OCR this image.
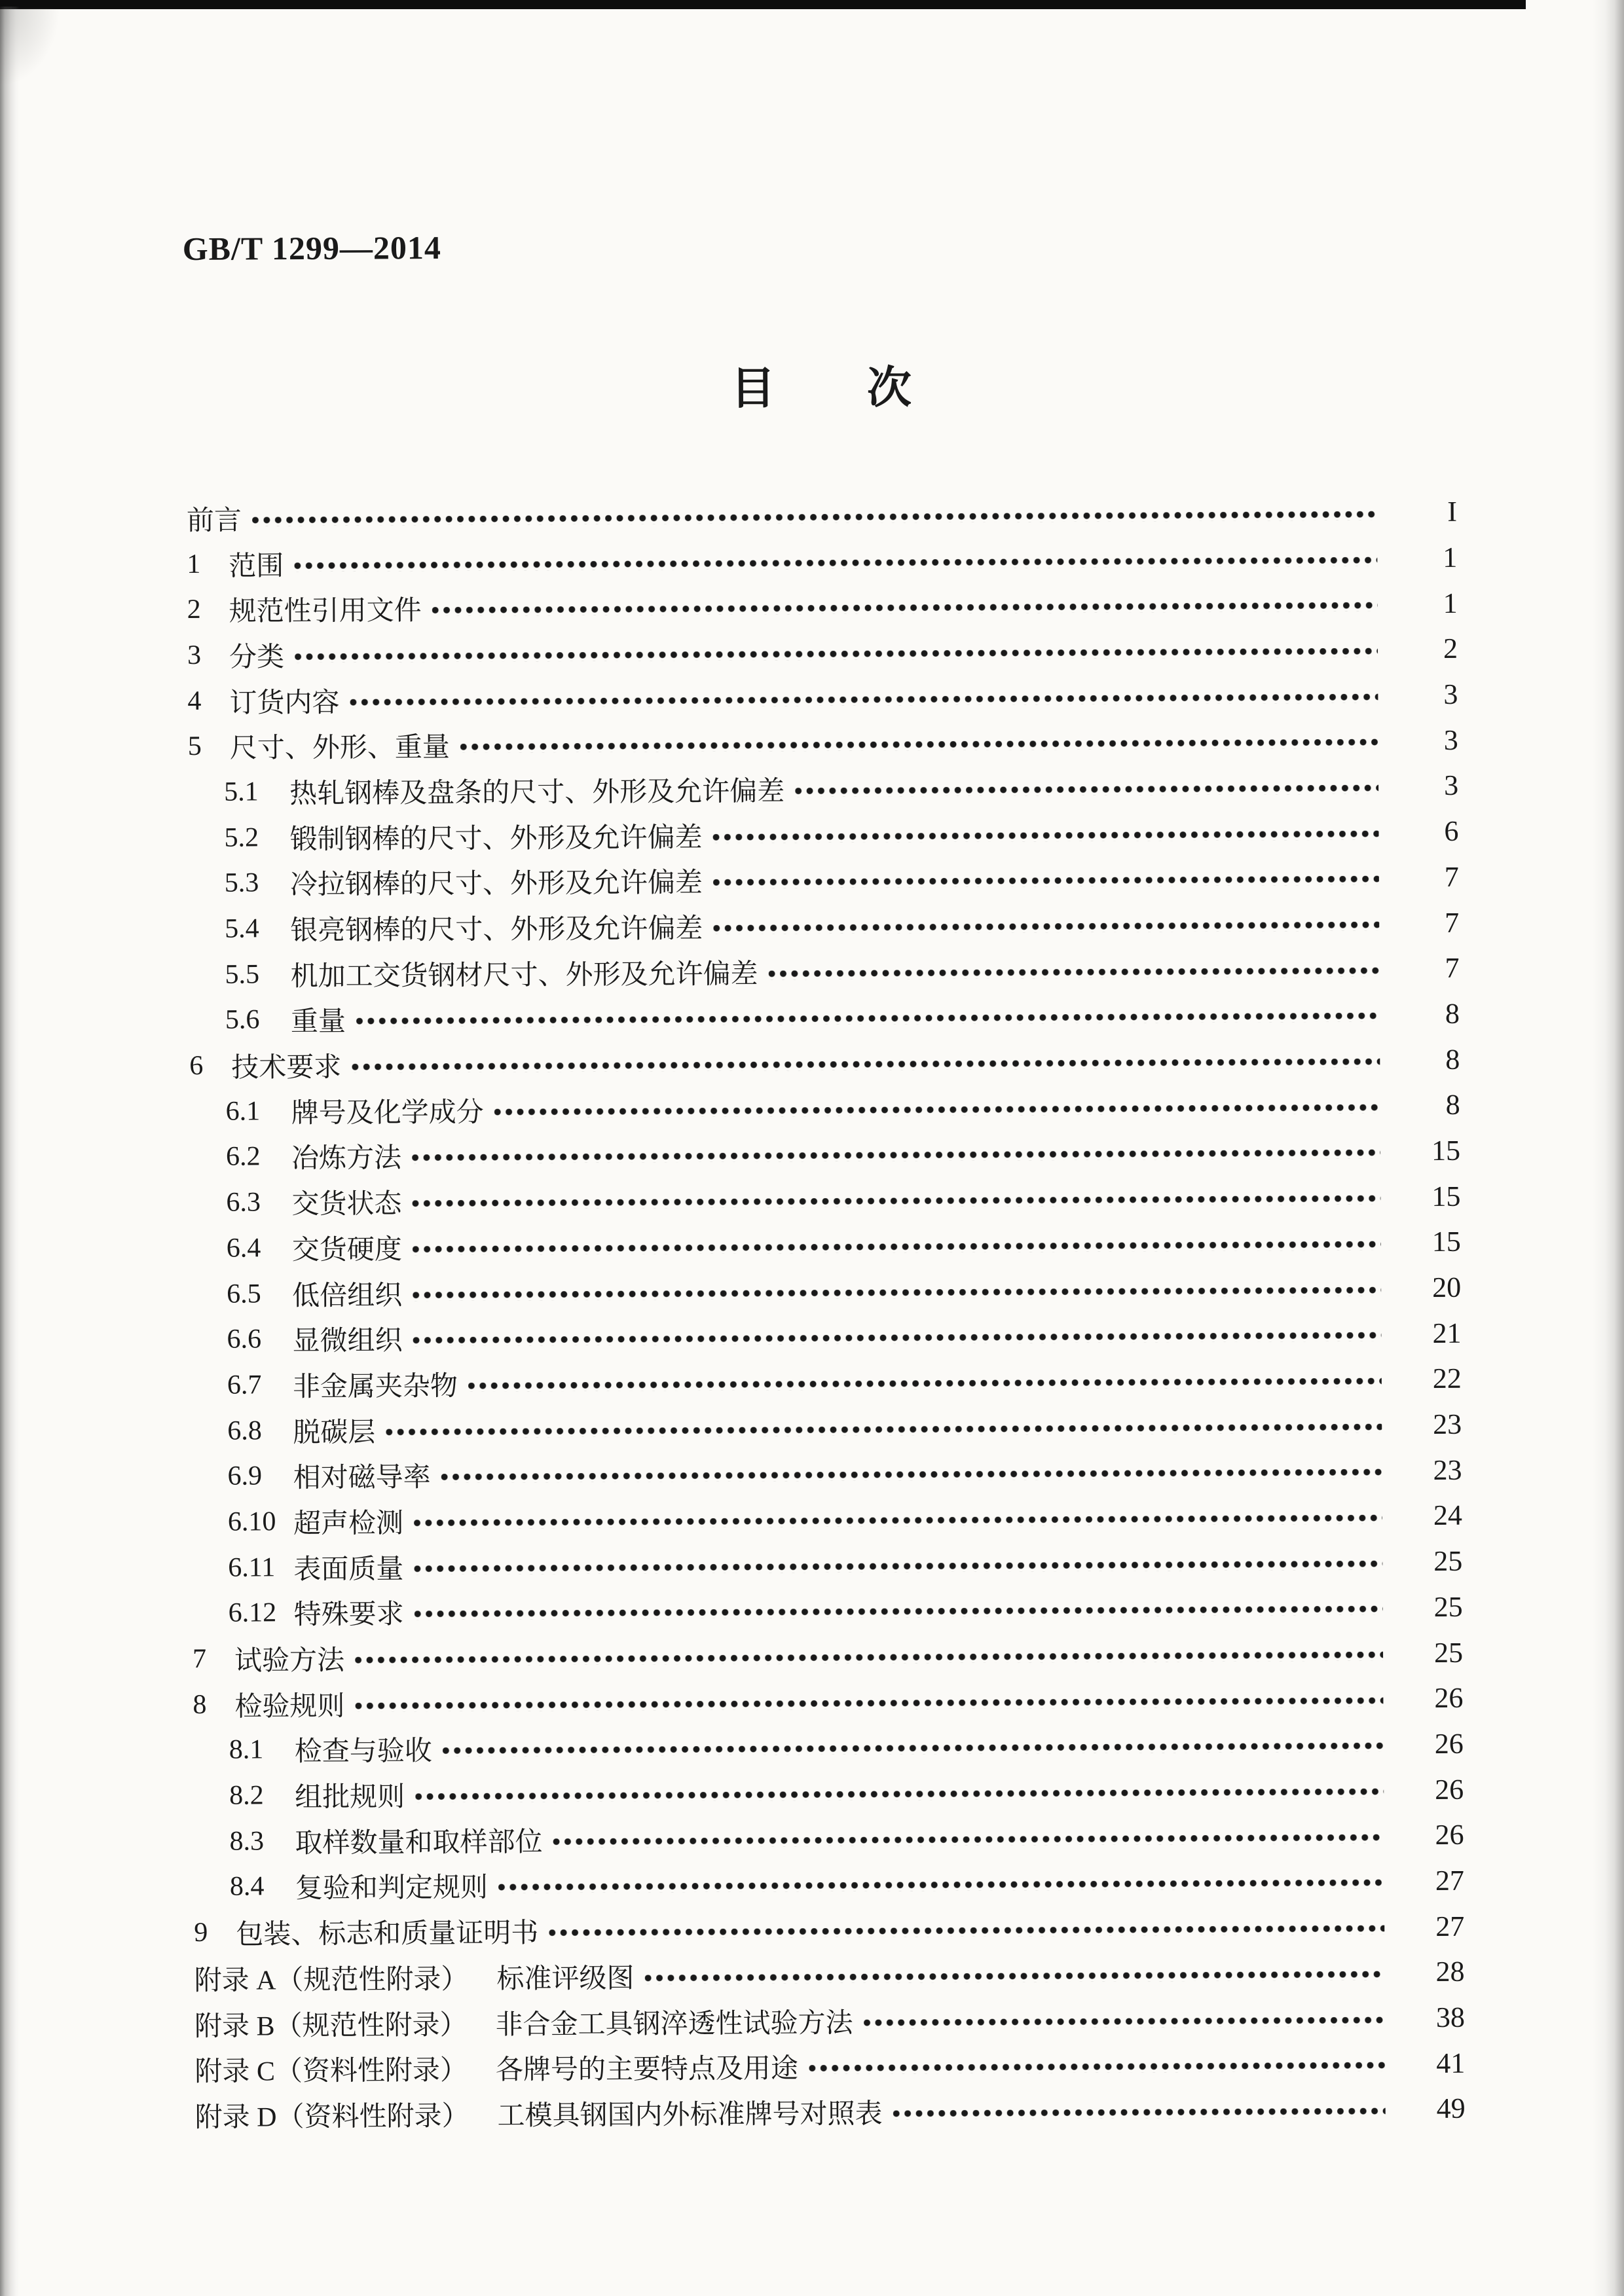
GB/T 1299—2014
目 次
前言	I
1	范围	1
2	规范性引用文件	1
3	分类	2
4	订货内容	3
5	尺寸、外形、重量	3
5.1	热轧钢棒及盘条的尺寸、外形及允许偏差	3
5.2	锻制钢棒的尺寸、外形及允许偏差	6
5.3	冷拉钢棒的尺寸、外形及允许偏差	7
5.4	银亮钢棒的尺寸、外形及允许偏差	7
5.5	机加工交货钢材尺寸、外形及允许偏差	7
5.6	重量	8
6	技术要求	8
6.1	牌号及化学成分	8
6.2	冶炼方法	15
6.3	交货状态	15
6.4	交货硬度	15
6.5	低倍组织	20
6.6	显微组织	21
6.7	非金属夹杂物	22
6.8	脱碳层	23
6.9	相对磁导率	23
6.10 超声检测	24
6.11 表面质量	25
6.12 特殊要求	25
7	试验方法	25
8	检验规则	26
8.1	检查与验收	26
8.2	组批规则	26
8.3	取样数量和取样部位	26
8.4	复验和判定规则	27
9	包装、标志和质量证明书	27
附录 A（规范性附录） 标准评级图	28
附录 B（规范性附录） 非合金工具钢淬透性试验方法	38
附录 C（资料性附录） 各牌号的主要特点及用途	41
附录 D（资料性附录） 工模具钢国内外标准牌号对照表	49
